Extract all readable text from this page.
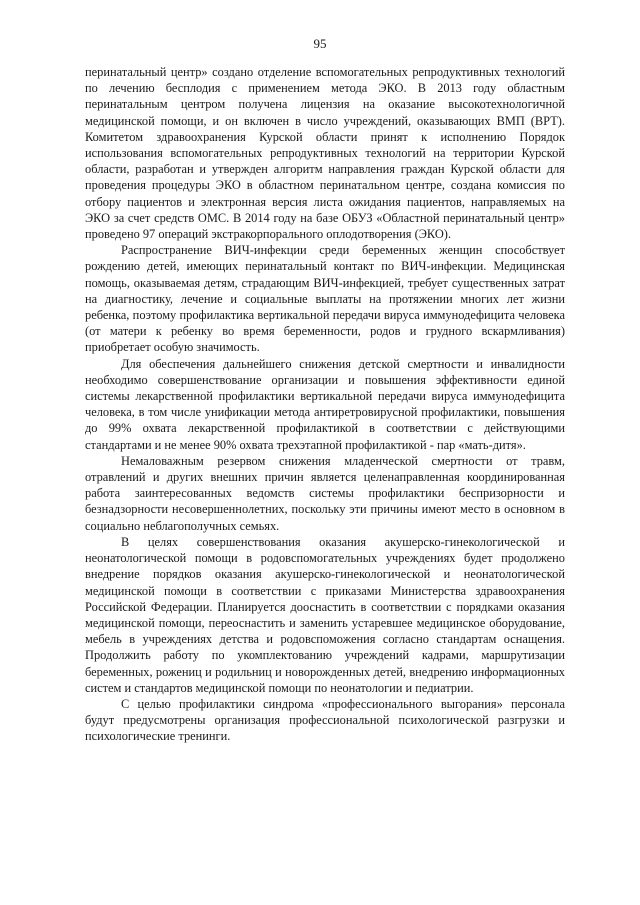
95

перинатальный центр» создано отделение вспомогательных репродуктивных технологий по лечению бесплодия с применением метода ЭКО. В 2013 году областным перинатальным центром получена лицензия на оказание высокотехнологичной медицинской помощи, и он включен в число учреждений, оказывающих ВМП (ВРТ). Комитетом здравоохранения Курской области принят к исполнению Порядок использования вспомогательных репродуктивных технологий на территории Курской области, разработан и утвержден алгоритм направления граждан Курской области для проведения процедуры ЭКО в областном перинатальном центре, создана комиссия по отбору пациентов и электронная версия листа ожидания пациентов, направляемых на ЭКО за счет средств ОМС. В 2014 году на базе ОБУЗ «Областной перинатальный центр» проведено 97 операций экстракорпорального оплодотворения (ЭКО).

Распространение ВИЧ-инфекции среди беременных женщин способствует рождению детей, имеющих перинатальный контакт по ВИЧ-инфекции. Медицинская помощь, оказываемая детям, страдающим ВИЧ-инфекцией, требует существенных затрат на диагностику, лечение и социальные выплаты на протяжении многих лет жизни ребенка, поэтому профилактика вертикальной передачи вируса иммунодефицита человека (от матери к ребенку во время беременности, родов и грудного вскармливания) приобретает особую значимость.

Для обеспечения дальнейшего снижения детской смертности и инвалидности необходимо совершенствование организации и повышения эффективности единой системы лекарственной профилактики вертикальной передачи вируса иммунодефицита человека, в том числе унификации метода антиретровирусной профилактики, повышения до 99% охвата лекарственной профилактикой в соответствии с действующими стандартами и не менее 90% охвата трехэтапной профилактикой - пар «мать-дитя».

Немаловажным резервом снижения младенческой смертности от травм, отравлений и других внешних причин является целенаправленная координированная работа заинтересованных ведомств системы профилактики беспризорности и безнадзорности несовершеннолетних, поскольку эти причины имеют место в основном в социально неблагополучных семьях.

В целях совершенствования оказания акушерско-гинекологической и неонатологической помощи в родовспомогательных учреждениях будет продолжено внедрение порядков оказания акушерско-гинекологической и неонатологической медицинской помощи в соответствии с приказами Министерства здравоохранения Российской Федерации. Планируется дооснастить в соответствии с порядками оказания медицинской помощи, переоснастить и заменить устаревшее медицинское оборудование, мебель в учреждениях детства и родовспоможения согласно стандартам оснащения. Продолжить работу по укомплектованию учреждений кадрами, маршрутизации беременных, рожениц и родильниц и новорожденных детей, внедрению информационных систем и стандартов медицинской помощи по неонатологии и педиатрии.

С целью профилактики синдрома «профессионального выгорания» персонала будут предусмотрены организация профессиональной психологической разгрузки и психологические тренинги.
